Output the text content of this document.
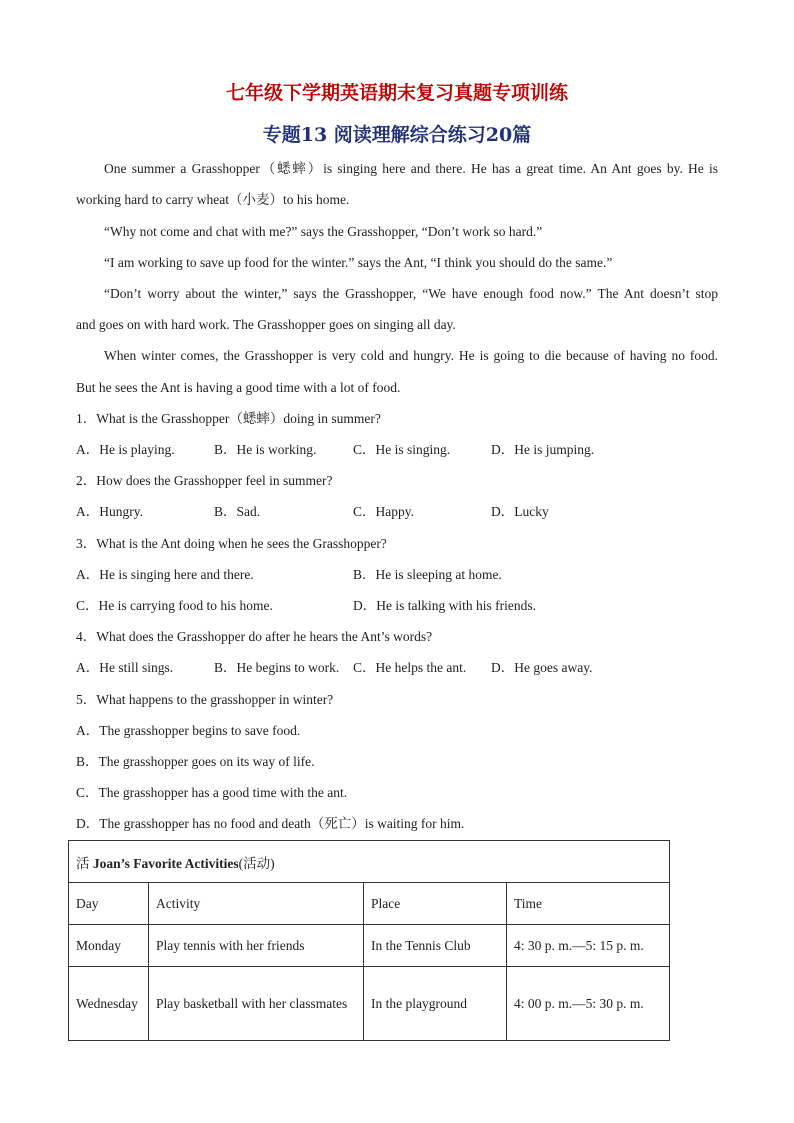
七年级下学期英语期末复习真题专项训练
专题13 阅读理解综合练习20篇
One summer a Grasshopper（蟋蟀）is singing here and there. He has a great time. An Ant goes by. He is
working hard to carry wheat（小麦）to his home.
“Why not come and chat with me?” says the Grasshopper, “Don’t work so hard.”
“I am working to save up food for the winter.” says the Ant, “I think you should do the same.”
“Don’t worry about the winter,” says the Grasshopper, “We have enough food now.” The Ant doesn’t stop
and goes on with hard work. The Grasshopper goes on singing all day.
When winter comes, the Grasshopper is very cold and hungry. He is going to die because of having no food.
But he sees the Ant is having a good time with a lot of food.
1．What is the Grasshopper（蟋蟀）doing in summer?
A．He is playing.	B．He is working.	C．He is singing.	D．He is jumping.
2．How does the Grasshopper feel in summer?
A．Hungry.	B．Sad.	C．Happy.	D．Lucky
3．What is the Ant doing when he sees the Grasshopper?
A．He is singing here and there.	B．He is sleeping at home.
C．He is carrying food to his home.	D．He is talking with his friends.
4．What does the Grasshopper do after he hears the Ant’s words?
A．He still sings.	B．He begins to work. C．He helps the ant. D．He goes away.
5．What happens to the grasshopper in winter?
A．The grasshopper begins to save food.
B．The grasshopper goes on its way of life.
C．The grasshopper has a good time with the ant.
D．The grasshopper has no food and death（死亡）is waiting for him.
活 Joan’s Favorite Activities(活动)			
Day	Activity	Place	Time
Monday	Play tennis with her friends	In the Tennis Club	4: 30 p. m.—5: 15 p. m.
Wednesday	Play basketball with her classmates	In the playground	4: 00 p. m.—5: 30 p. m.
